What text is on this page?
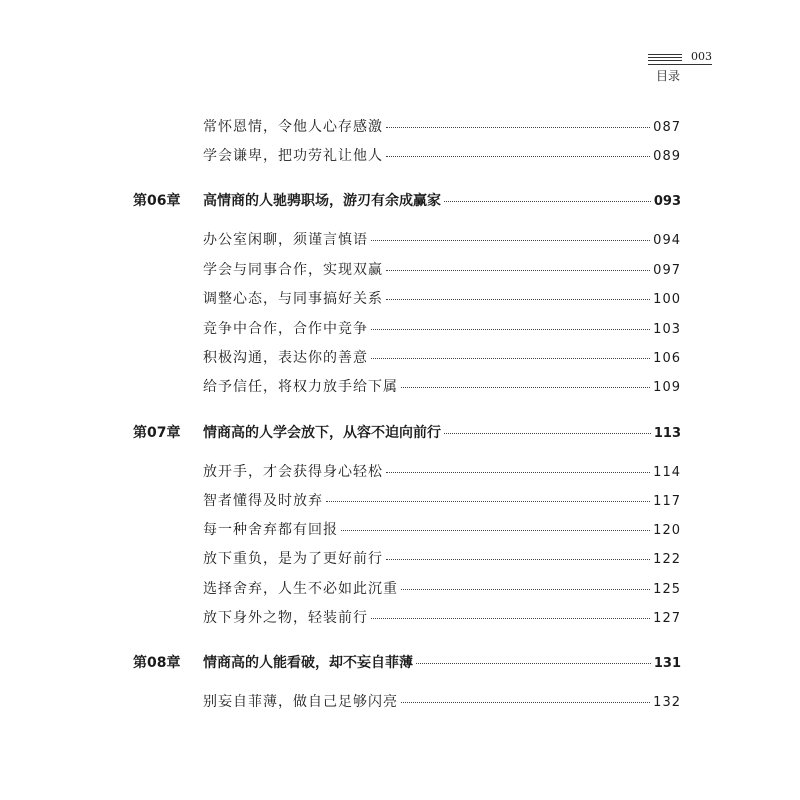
003
目录
常怀恩情，令他人心存感激	087
学会谦卑，把功劳礼让他人	089
第06章	高情商的人驰骋职场，游刃有余成赢家	093
办公室闲聊，须谨言慎语	094
学会与同事合作，实现双赢	097
调整心态，与同事搞好关系	100
竞争中合作，合作中竞争	103
积极沟通，表达你的善意	106
给予信任，将权力放手给下属	109
第07章	情商高的人学会放下，从容不迫向前行	113
放开手，才会获得身心轻松	114
智者懂得及时放弃	117
每一种舍弃都有回报	120
放下重负，是为了更好前行	122
选择舍弃，人生不必如此沉重	125
放下身外之物，轻装前行	127
第08章	情商高的人能看破，却不妄自菲薄	131
别妄自菲薄，做自己足够闪亮	132
